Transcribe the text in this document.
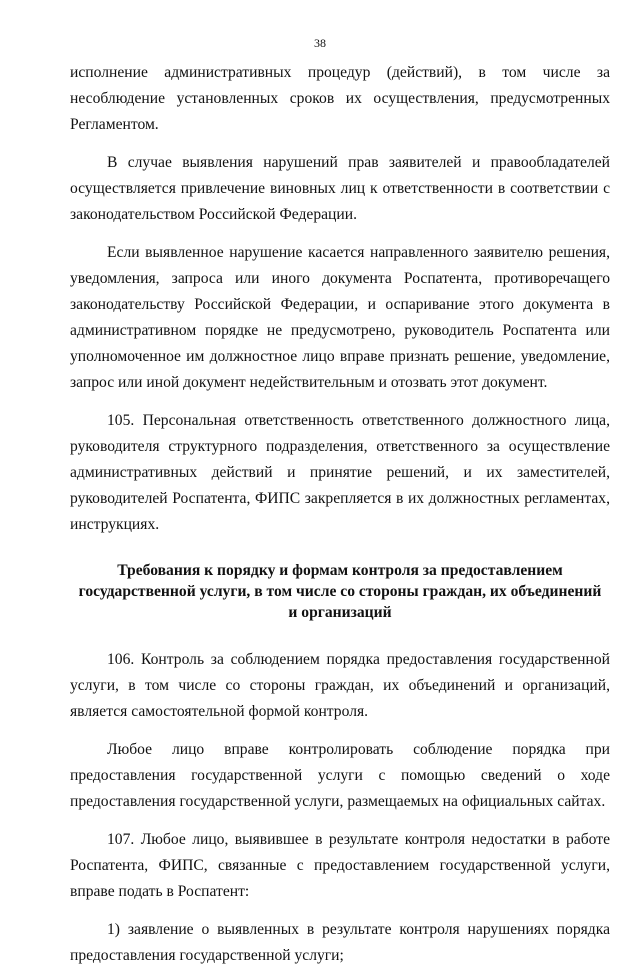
38

исполнение административных процедур (действий), в том числе за несоблюдение установленных сроков их осуществления, предусмотренных Регламентом.

В случае выявления нарушений прав заявителей и правообладателей осуществляется привлечение виновных лиц к ответственности в соответствии с законодательством Российской Федерации.

Если выявленное нарушение касается направленного заявителю решения, уведомления, запроса или иного документа Роспатента, противоречащего законодательству Российской Федерации, и оспаривание этого документа в административном порядке не предусмотрено, руководитель Роспатента или уполномоченное им должностное лицо вправе признать решение, уведомление, запрос или иной документ недействительным и отозвать этот документ.

105. Персональная ответственность ответственного должностного лица, руководителя структурного подразделения, ответственного за осуществление административных действий и принятие решений, и их заместителей, руководителей Роспатента, ФИПС закрепляется в их должностных регламентах, инструкциях.

Требования к порядку и формам контроля за предоставлением
государственной услуги, в том числе со стороны граждан, их объединений
и организаций

106. Контроль за соблюдением порядка предоставления государственной услуги, в том числе со стороны граждан, их объединений и организаций, является самостоятельной формой контроля.

Любое лицо вправе контролировать соблюдение порядка при предоставления государственной услуги с помощью сведений о ходе предоставления государственной услуги, размещаемых на официальных сайтах.

107. Любое лицо, выявившее в результате контроля недостатки в работе Роспатента, ФИПС, связанные с предоставлением государственной услуги, вправе подать в Роспатент:

1) заявление о выявленных в результате контроля нарушениях порядка предоставления государственной услуги;
